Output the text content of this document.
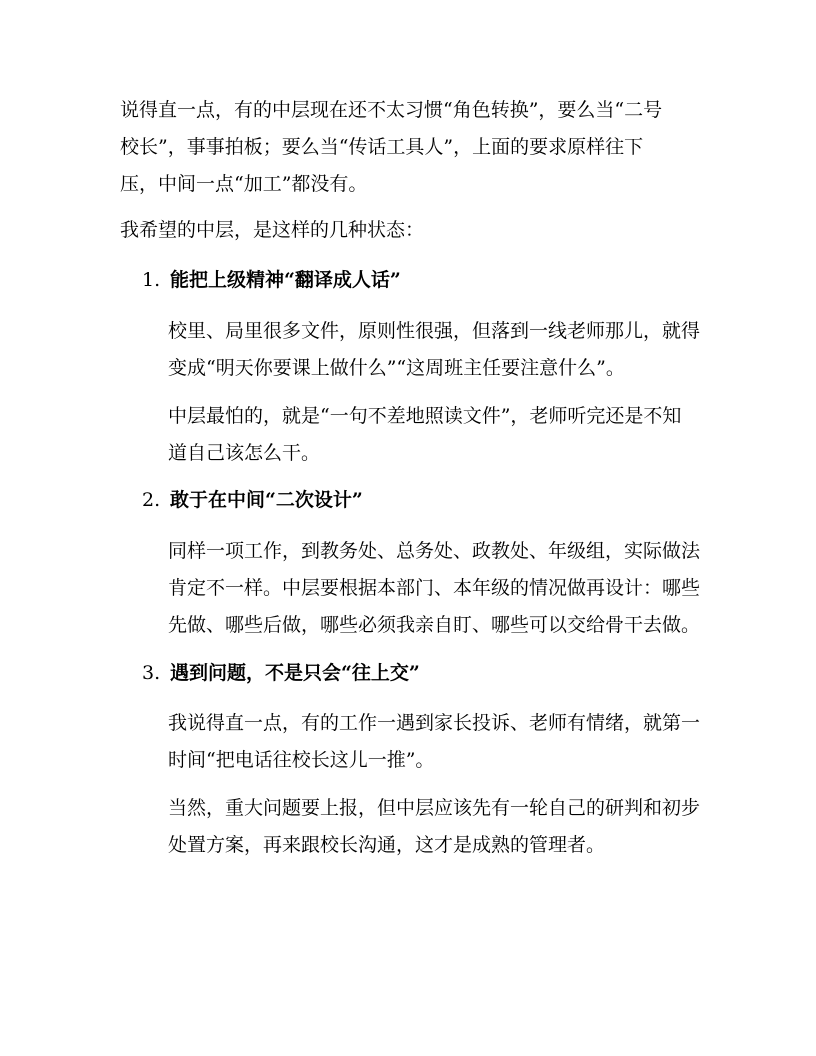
说得直一点，有的中层现在还不太习惯“角色转换”，要么当“二号
校长”，事事拍板；要么当“传话工具人”，上面的要求原样往下
压，中间一点“加工”都没有。
我希望的中层，是这样的几种状态：
1. 能把上级精神“翻译成人话”
校里、局里很多文件，原则性很强，但落到一线老师那儿，就得
变成“明天你要课上做什么”“这周班主任要注意什么”。
中层最怕的，就是“一句不差地照读文件”，老师听完还是不知
道自己该怎么干。
2. 敢于在中间“二次设计”
同样一项工作，到教务处、总务处、政教处、年级组，实际做法
肯定不一样。中层要根据本部门、本年级的情况做再设计：哪些
先做、哪些后做，哪些必须我亲自盯、哪些可以交给骨干去做。
3. 遇到问题，不是只会“往上交”
我说得直一点，有的工作一遇到家长投诉、老师有情绪，就第一
时间“把电话往校长这儿一推”。
当然，重大问题要上报，但中层应该先有一轮自己的研判和初步
处置方案，再来跟校长沟通，这才是成熟的管理者。
